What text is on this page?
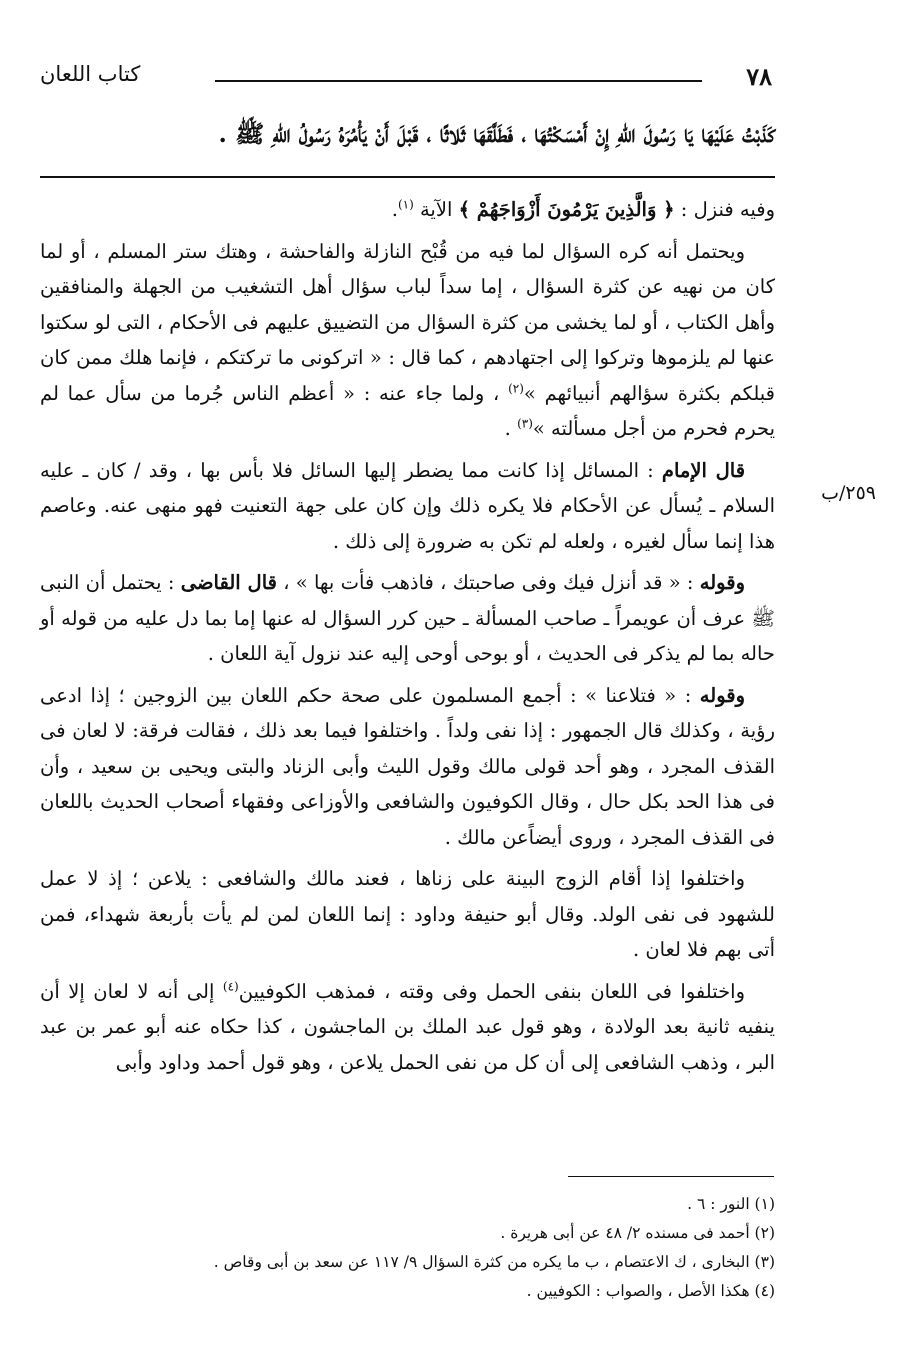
٧٨
كتاب اللعان
كَذَبْتُ عَلَيْهَا يَا رَسُولَ اللهِ إِنْ أَمْسَكْتُهَا ، فَطَلَّقَهَا ثَلاثًا ، قَبْلَ أَنْ يَأْمُرَهُ رَسُولُ اللهِ ﷺ .
٢٥٩/ب

وفيه فنزل : ﴿ وَالَّذِينَ يَرْمُونَ أَزْوَاجَهُمْ ﴾ الآية $^{(١)}$.

ويحتمل أنه كره السؤال لما فيه من قُبْح النازلة والفاحشة ، وهتك ستر المسلم ، أو لما كان من نهيه عن كثرة السؤال ، إما سداً لباب سؤال أهل التشغيب من الجهلة والمنافقين وأهل الكتاب ، أو لما يخشى من كثرة السؤال من التضييق عليهم فى الأحكام ، التى لو سكتوا عنها لم يلزموها وتركوا إلى اجتهادهم ، كما قال : « اتركونى ما تركتكم ، فإنما هلك ممن كان قبلكم بكثرة سؤالهم أنبيائهم »$^{(٢)}$ ، ولما جاء عنه : « أعظم الناس جُرما من سأل عما لم يحرم فحرم من أجل مسألته »$^{(٣)}$ .

قال الإمام : المسائل إذا كانت مما يضطر إليها السائل فلا بأس بها ، وقد / كان ـ عليه السلام ـ يُسأل عن الأحكام فلا يكره ذلك وإن كان على جهة التعنيت فهو منهى عنه. وعاصم هذا إنما سأل لغيره ، ولعله لم تكن به ضرورة إلى ذلك .

وقوله : « قد أنزل فيك وفى صاحبتك ، فاذهب فأت بها » ، قال القاضى : يحتمل أن النبى ﷺ عرف أن عويمراً ـ صاحب المسألة ـ حين كرر السؤال له عنها إما بما دل عليه من قوله أو حاله بما لم يذكر فى الحديث ، أو بوحى أوحى إليه عند نزول آية اللعان .

وقوله : « فتلاعنا » : أجمع المسلمون على صحة حكم اللعان بين الزوجين ؛ إذا ادعى رؤية ، وكذلك قال الجمهور : إذا نفى ولداً . واختلفوا فيما بعد ذلك ، فقالت فرقة: لا لعان فى القذف المجرد ، وهو أحد قولى مالك وقول الليث وأبى الزناد والبتى ويحيى بن سعيد ، وأن فى هذا الحد بكل حال ، وقال الكوفيون والشافعى والأوزاعى وفقهاء أصحاب الحديث باللعان فى القذف المجرد ، وروى أيضاًعن مالك .

واختلفوا إذا أقام الزوج البينة على زناها ، فعند مالك والشافعى : يلاعن ؛ إذ لا عمل للشهود فى نفى الولد. وقال أبو حنيفة وداود : إنما اللعان لمن لم يأت بأربعة شهداء، فمن أتى بهم فلا لعان .

واختلفوا فى اللعان بنفى الحمل وفى وقته ، فمذهب الكوفيين$^{(٤)}$ إلى أنه لا لعان إلا أن ينفيه ثانية بعد الولادة ، وهو قول عبد الملك بن الماجشون ، كذا حكاه عنه أبو عمر بن عبد البر ، وذهب الشافعى إلى أن كل من نفى الحمل يلاعن ، وهو قول أحمد وداود وأبى

(١) النور : ٦ .
(٢) أحمد فى مسنده ٢/ ٤٨ عن أبى هريرة .
(٣) البخارى ، ك الاعتصام ، ب ما يكره من كثرة السؤال ٩/ ١١٧ عن سعد بن أبى وقاص .
(٤) هكذا الأصل ، والصواب : الكوفيين .
